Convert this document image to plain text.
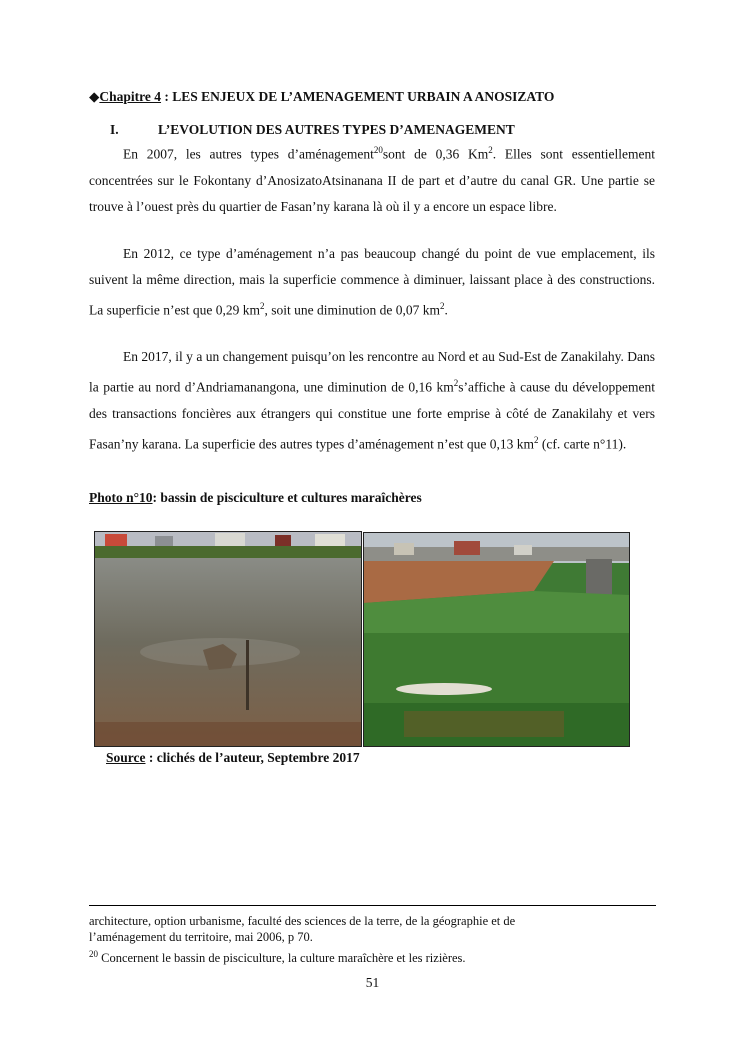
◆Chapitre 4 : LES ENJEUX DE L’AMENAGEMENT URBAIN A ANOSIZATO
I.	L’EVOLUTION DES AUTRES TYPES D’AMENAGEMENT
En 2007, les autres types d’aménagement$^{20}$sont de 0,36 Km$^2$. Elles sont essentiellement concentrées sur le Fokontany d’AnosizatoAtsinanana II de part et d’autre du canal GR. Une partie se trouve à l’ouest près du quartier de Fasan’ny karana là où il y a encore un espace libre.
En 2012, ce type d’aménagement n’a pas beaucoup changé du point de vue emplacement, ils suivent la même direction, mais la superficie commence à diminuer, laissant place à des constructions. La superficie n’est que 0,29 $km^2$, soit une diminution de 0,07 $km^2$.
En 2017, il y a un changement puisqu’on les rencontre au Nord et au Sud-Est de Zanakilahy. Dans la partie au nord d’Andriamanangona, une diminution de 0,16 $km^2s’affiche$ à cause du développement des transactions foncières aux étrangers qui constitue une forte emprise à côté de Zanakilahy et vers Fasan’ny karana. La superficie des autres types d’aménagement n’est que 0,13 $km^2$ (cf. carte n°11).
Photo n°10: bassin de pisciculture et cultures maraîchères
Source : clichés de l’auteur, Septembre 2017
architecture, option urbanisme, faculté des sciences de la terre, de la géographie et de
l’aménagement du territoire, mai 2006, p 70.
$^{20}$ Concernent le bassin de pisciculture, la culture maraîchère et les rizières.
51
